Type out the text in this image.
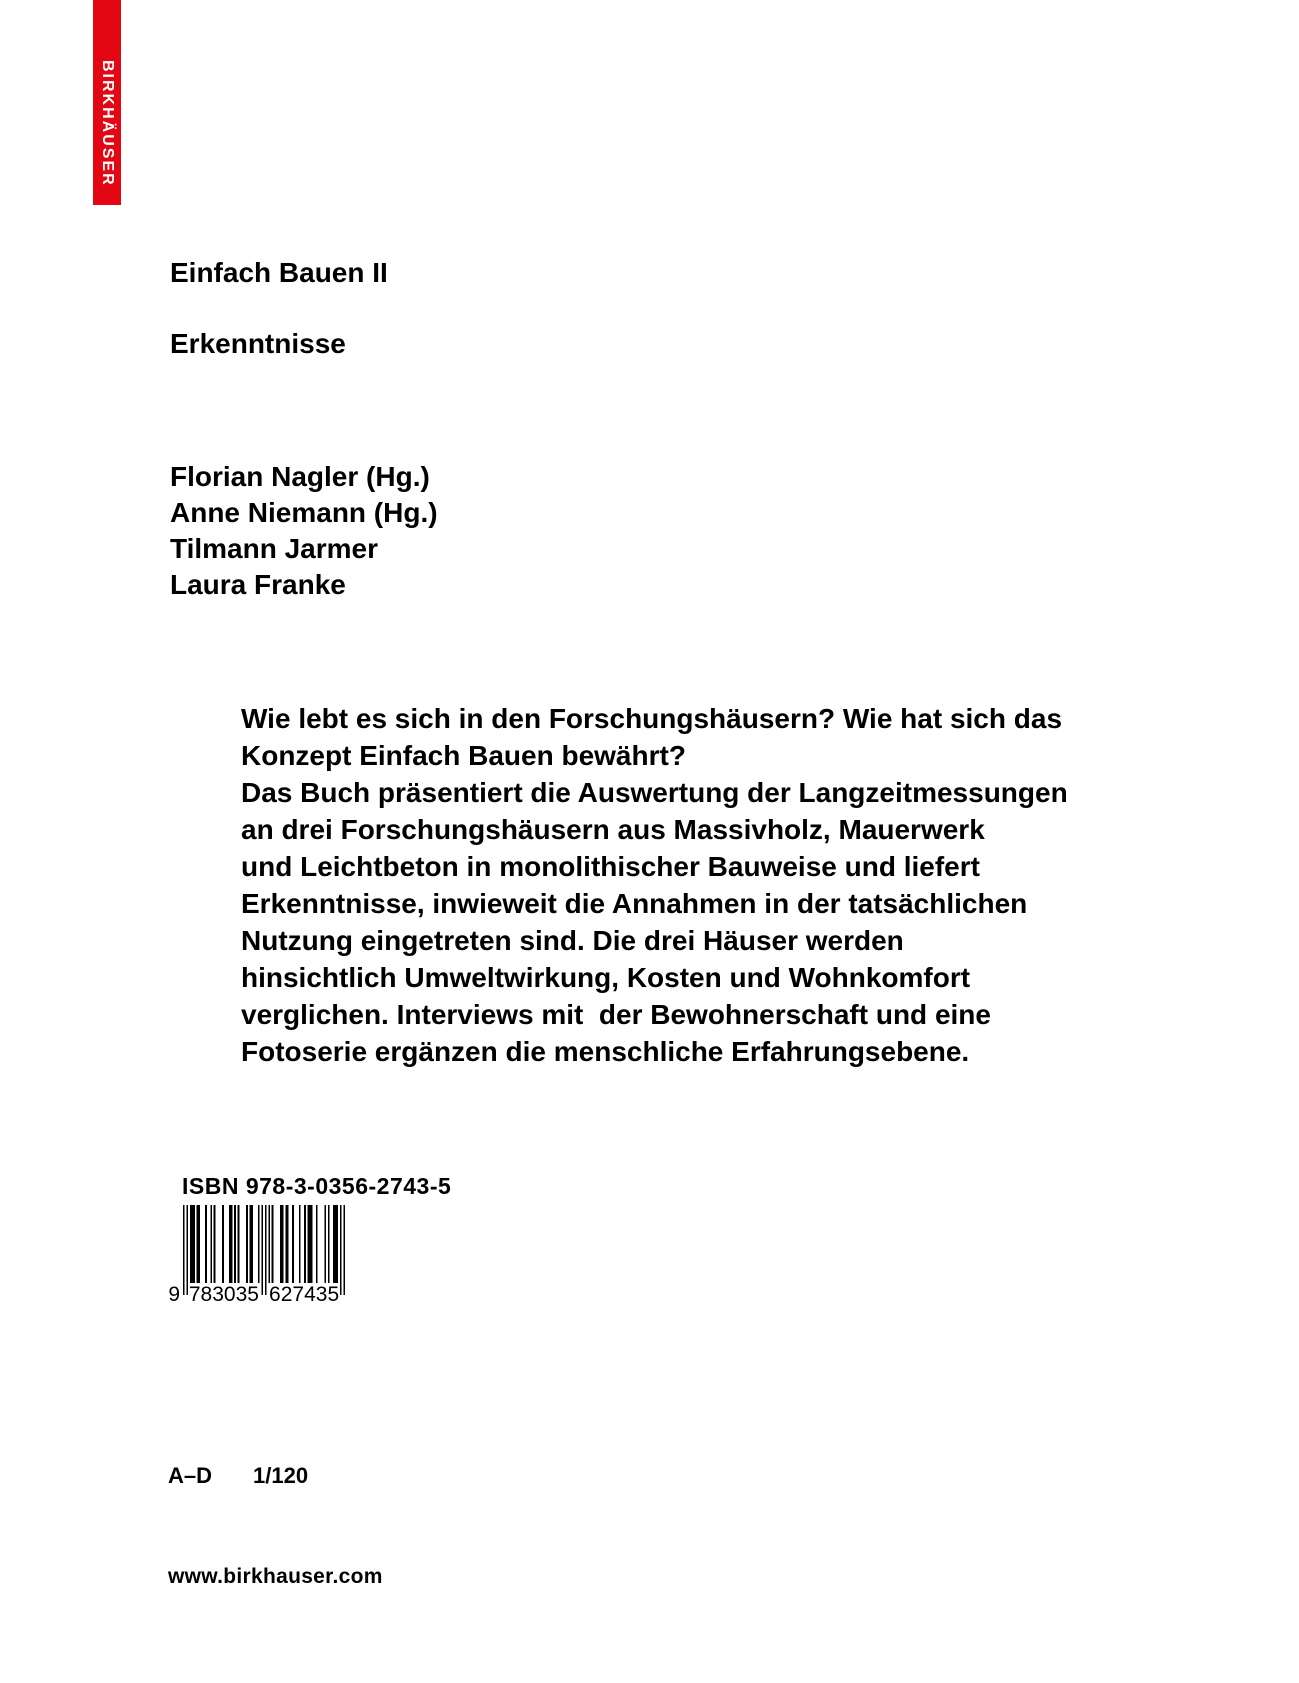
BIRKHÄUSER
Einfach Bauen II
Erkenntnisse
Florian Nagler (Hg.)
Anne Niemann (Hg.)
Tilmann Jarmer
Laura Franke
Wie lebt es sich in den Forschungshäusern? Wie hat sich das
Konzept Einfach Bauen bewährt?
Das Buch präsentiert die Auswertung der Langzeitmessungen
an drei Forschungshäusern aus Massivholz, Mauerwerk
und Leichtbeton in monolithischer Bauweise und liefert
Erkenntnisse, inwieweit die Annahmen in der tatsächlichen
Nutzung eingetreten sind. Die drei Häuser werden
hinsichtlich Umweltwirkung, Kosten und Wohnkomfort
verglichen. Interviews mit  der Bewohnerschaft und eine
Fotoserie ergänzen die menschliche Erfahrungsebene.
ISBN 978-3-0356-2743-5
9 783035 627435
A–D 1/120
www.birkhauser.com
